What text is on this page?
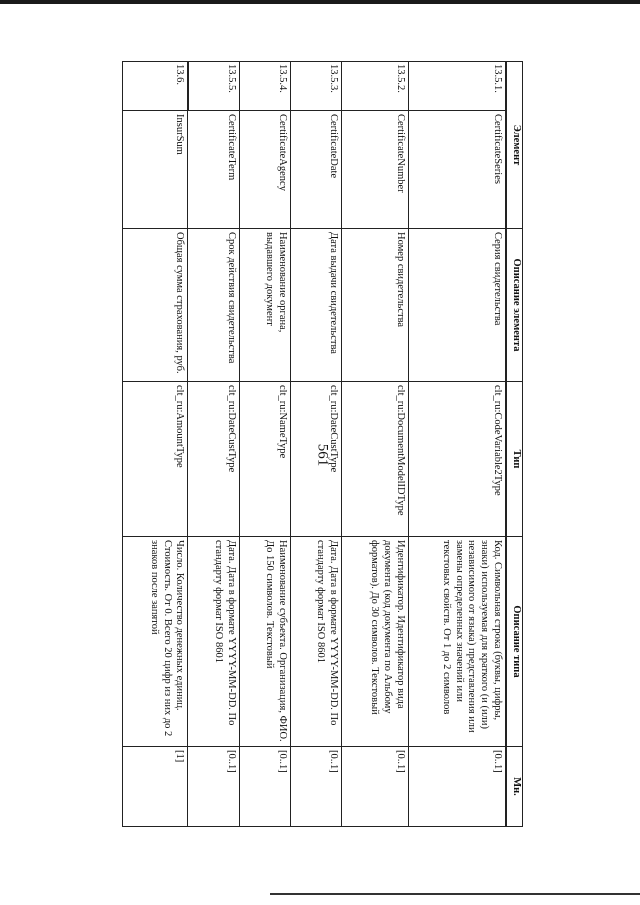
561
Элемент		Описание элемента	Тип	Описание типа	Мн.
13.5.1.	CertificateSeries	Серия свидетельства	clt_ru:CodeVariable2Type	Код. Символьная строка (буквы, цифры, знаки) используемая для краткого (и (или) независимого от языка) представления или замены определенных значений или текстовых свойств. От 1 до 2 символов	[0..1]
13.5.2.	CertificateNumber	Номер свидетельства	clt_ru:DocumentModelIDType	Идентификатор. Идентификатор вида документа (код документа по Альбому форматов). До 30 символов. Текстовый	[0..1]
13.5.3.	CertificateDate	Дата выдачи свидетельства	clt_ru:DateCustType	Дата. Дата в формате YYYY-MM-DD. По стандарту формат ISO 8601	[0..1]
13.5.4.	CertificateAgency	Наименование органа, выдавшего документ	clt_ru:NameType	Наименование субъекта. Организация, ФИО. До 150 символов. Текстовый	[0..1]
13.5.5.	CertificateTerm	Срок действия свидетельства	clt_ru:DateCustType	Дата. Дата в формате YYYY-MM-DD. По стандарту формат ISO 8601	[0..1]
13.6.	InsurSum	Общая сумма страхования, руб.	clt_ru:AmountType	Число. Количество денежных единиц. Стоимость. От 0. Всего 20 цифр из них до 2 знаков после запятой	[1]
